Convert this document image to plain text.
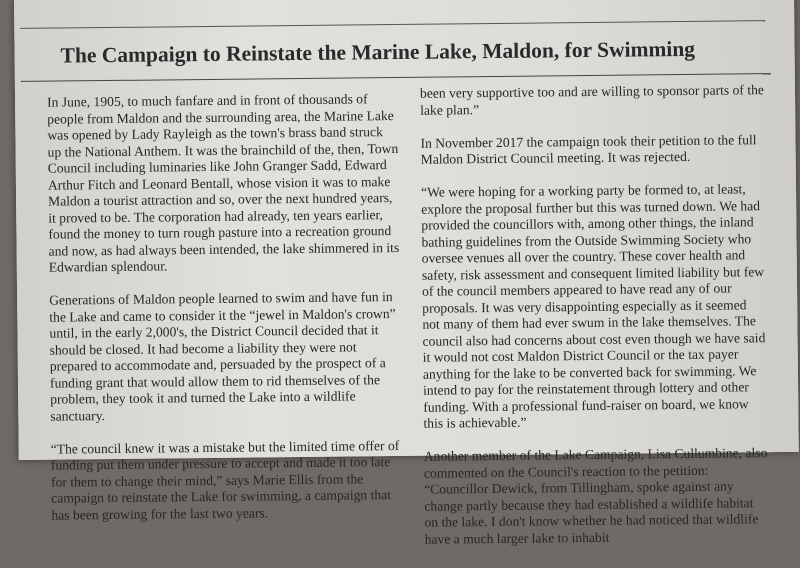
The Campaign to Reinstate the Marine Lake, Maldon, for Swimming

In June, 1905, to much fanfare and in front of thousands of people from Maldon and the surrounding area, the Marine Lake was opened by Lady Rayleigh as the town's brass band struck up the National Anthem. It was the brainchild of the, then, Town Council including luminaries like John Granger Sadd, Edward Arthur Fitch and Leonard Bentall, whose vision it was to make Maldon a tourist attraction and so, over the next hundred years, it proved to be. The corporation had already, ten years earlier, found the money to turn rough pasture into a recreation ground and now, as had always been intended, the lake shimmered in its Edwardian splendour.

Generations of Maldon people learned to swim and have fun in the Lake and came to consider it the “jewel in Maldon's crown” until, in the early 2,000's, the District Council decided that it should be closed. It had become a liability they were not prepared to accommodate and, persuaded by the prospect of a funding grant that would allow them to rid themselves of the problem, they took it and turned the Lake into a wildlife sanctuary.

“The council knew it was a mistake but the limited time offer of funding put them under pressure to accept and made it too late for them to change their mind,” says Marie Ellis from the campaign to reinstate the Lake for swimming, a campaign that has been growing for the last two years.

been very supportive too and are willing to sponsor parts of the lake plan.”

In November 2017 the campaign took their petition to the full Maldon District Council meeting. It was rejected.

“We were hoping for a working party be formed to, at least, explore the proposal further but this was turned down. We had provided the councillors with, among other things, the inland bathing guidelines from the Outside Swimming Society who oversee venues all over the country. These cover health and safety, risk assessment and consequent limited liability but few of the council members appeared to have read any of our proposals. It was very disappointing especially as it seemed not many of them had ever swum in the lake themselves. The council also had concerns about cost even though we have said it would not cost Maldon District Council or the tax payer anything for the lake to be converted back for swimming. We intend to pay for the reinstatement through lottery and other funding. With a professional fund-raiser on board, we know this is achievable.”

Another member of the Lake Campaign, Lisa Cullumbine, also commented on the Council's reaction to the petition: “Councillor Dewick, from Tillingham, spoke against any change partly because they had established a wildlife habitat on the lake. I don't know whether he had noticed that wildlife have a much larger lake to inhabit
